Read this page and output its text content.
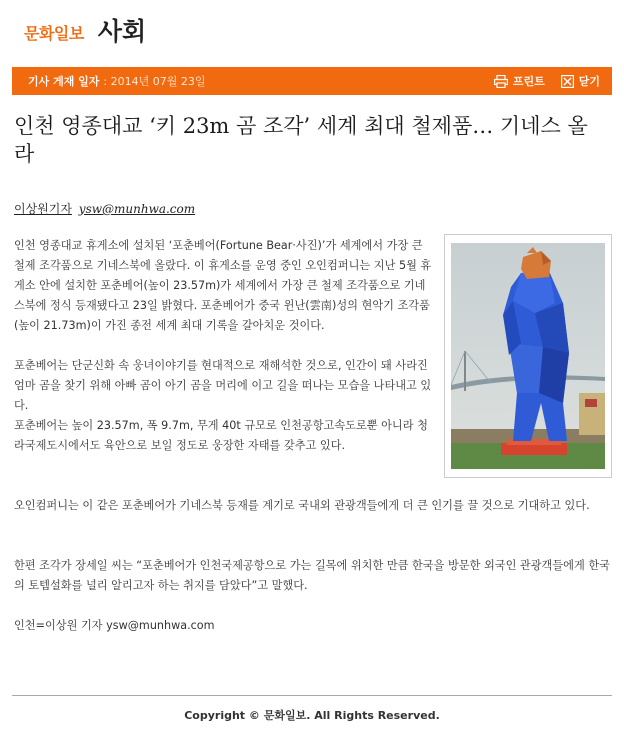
문화일보 사회
기사 게재 일자 : 2014년 07월 23일	프린트	닫기
인천 영종대교 ‘키 23m 곰 조각’ 세계 최대 철제품… 기네스 올라
이상원기자 ysw@munhwa.com

인천 영종대교 휴게소에 설치된 ‘포춘베어(Fortune Bear·사진)’가 세계에서 가장 큰 철제 조각품으로 기네스북에 올랐다. 이 휴게소를 운영 중인 오인컴퍼니는 지난 5월 휴게소 안에 설치한 포춘베어(높이 23.57m)가 세계에서 가장 큰 철제 조각품으로 기네스북에 정식 등재됐다고 23일 밝혔다. 포춘베어가 중국 윈난(雲南)성의 현악기 조각품(높이 21.73m)이 가진 종전 세계 최대 기록을 갈아치운 것이다.

포춘베어는 단군신화 속 웅녀이야기를 현대적으로 재해석한 것으로, 인간이 돼 사라진 엄마 곰을 찾기 위해 아빠 곰이 아기 곰을 머리에 이고 길을 떠나는 모습을 나타내고 있다.

포춘베어는 높이 23.57m, 폭 9.7m, 무게 40t 규모로 인천공항고속도로뿐 아니라 청라국제도시에서도 육안으로 보일 정도로 웅장한 자태를 갖추고 있다.

오인컴퍼니는 이 같은 포춘베어가 기네스북 등재를 계기로 국내외 관광객들에게 더 큰 인기를 끌 것으로 기대하고 있다.

한편 조각가 장세일 씨는 “포춘베어가 인천국제공항으로 가는 길목에 위치한 만큼 한국을 방문한 외국인 관광객들에게 한국의 토템설화를 널리 알리고자 하는 취지를 담았다”고 말했다.

인천=이상원 기자 ysw@munhwa.com

Copyright © 문화일보. All Rights Reserved.
